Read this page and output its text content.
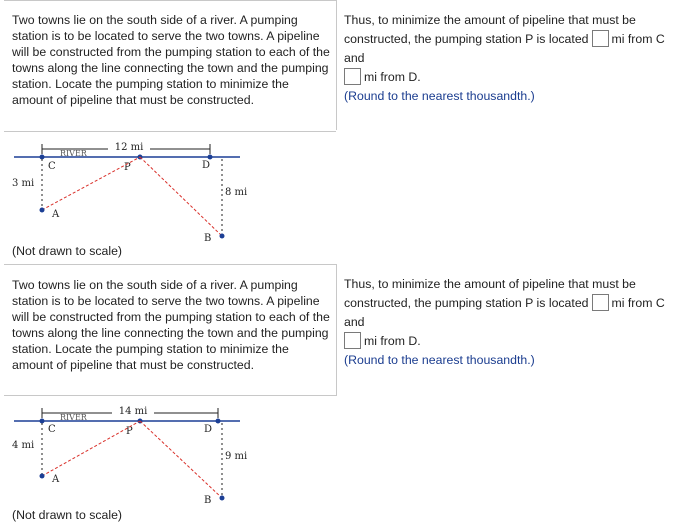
Two towns lie on the south side of a river. A pumping station is to be located to serve the two towns. A pipeline will be constructed from the pumping station to each of the towns along the line connecting the town and the pumping station. Locate the pumping station to minimize the amount of pipeline that must be constructed.
Thus, to minimize the amount of pipeline that must be constructed, the pumping station P is located mi from C and
mi from D.
(Round to the nearest thousandth.)
12 mi
RIVER
C	D
P
3 mi
8 mi
A
B
(Not drawn to scale)
Two towns lie on the south side of a river. A pumping station is to be located to serve the two towns. A pipeline will be constructed from the pumping station to each of the towns along the line connecting the town and the pumping station. Locate the pumping station to minimize the amount of pipeline that must be constructed.
Thus, to minimize the amount of pipeline that must be constructed, the pumping station P is located mi from C and
mi from D.
(Round to the nearest thousandth.)
14 mi
RIVER
C	D
P
4 mi
9 mi
A
B
(Not drawn to scale)
